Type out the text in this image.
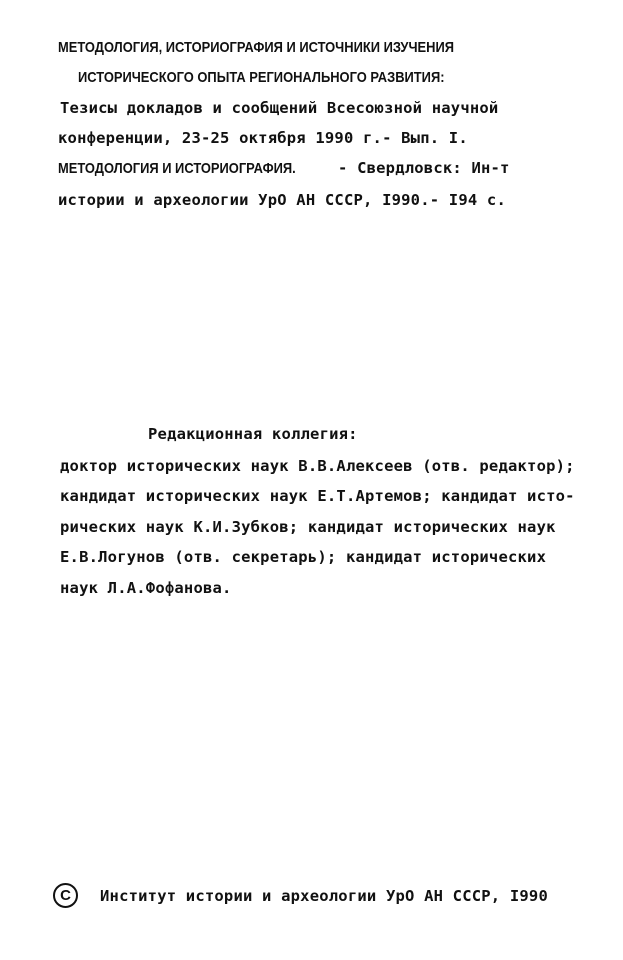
МЕТОДОЛОГИЯ, ИСТОРИОГРАФИЯ И ИСТОЧНИКИ ИЗУЧЕНИЯ
ИСТОРИЧЕСКОГО ОПЫТА РЕГИОНАЛЬНОГО РАЗВИТИЯ:
Тезисы докладов и сообщений Всесоюзной научной
конференции, 23-25 октября 1990 г.- Вып. I.
МЕТОДОЛОГИЯ И ИСТОРИОГРАФИЯ.	- Свердловск: Ин-т
истории и археологии УрО АН СССР, I990.- I94 с.
Редакционная коллегия:
доктор исторических наук В.В.Алексеев (отв. редактор);
кандидат исторических наук Е.Т.Артемов; кандидат исто-
рических наук К.И.Зубков; кандидат исторических наук
Е.В.Логунов (отв. секретарь); кандидат исторических
наук Л.А.Фофанова.
C	Институт истории и археологии УрО АН СССР, I990
